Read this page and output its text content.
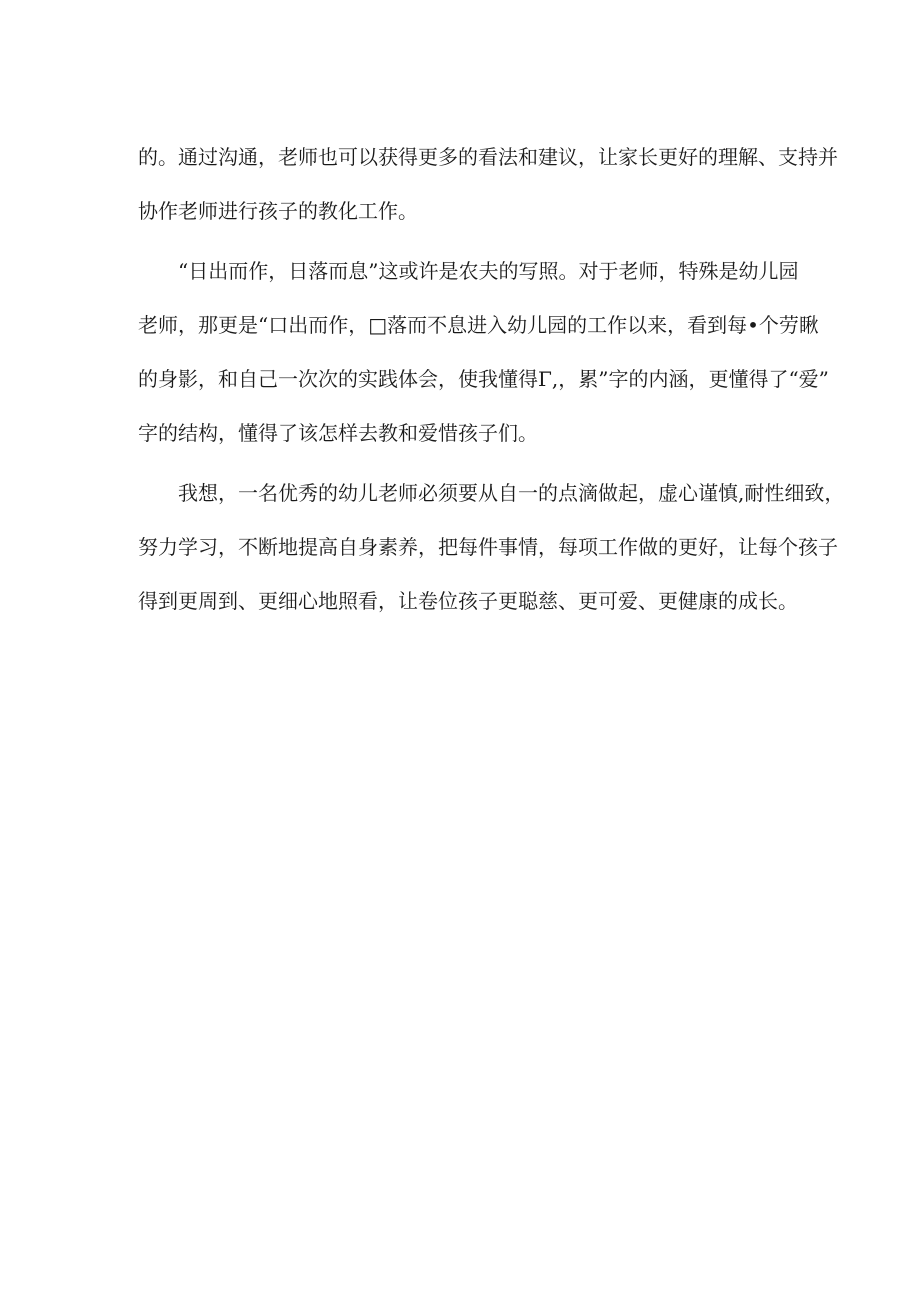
的。通过沟通，老师也可以获得更多的看法和建议，让家长更好的理解、支持并
协作老师进行孩子的教化工作。
“日出而作，日落而息”这或许是农夫的写照。对于老师，特殊是幼儿园
老师，那更是“口出而作，□落而不息进入幼儿园的工作以来，看到每•个劳瞅
的身影，和自己一次次的实践体会，使我懂得Γ,，累”字的内涵，更懂得了“爱”
字的结构，懂得了该怎样去教和爱惜孩子们。
我想，一名优秀的幼儿老师必须要从自一的点滴做起，虚心谨慎,耐性细致，
努力学习，不断地提高自身素养，把每件事情，每项工作做的更好，让每个孩子
得到更周到、更细心地照看，让卷位孩子更聪慈、更可爱、更健康的成长。
